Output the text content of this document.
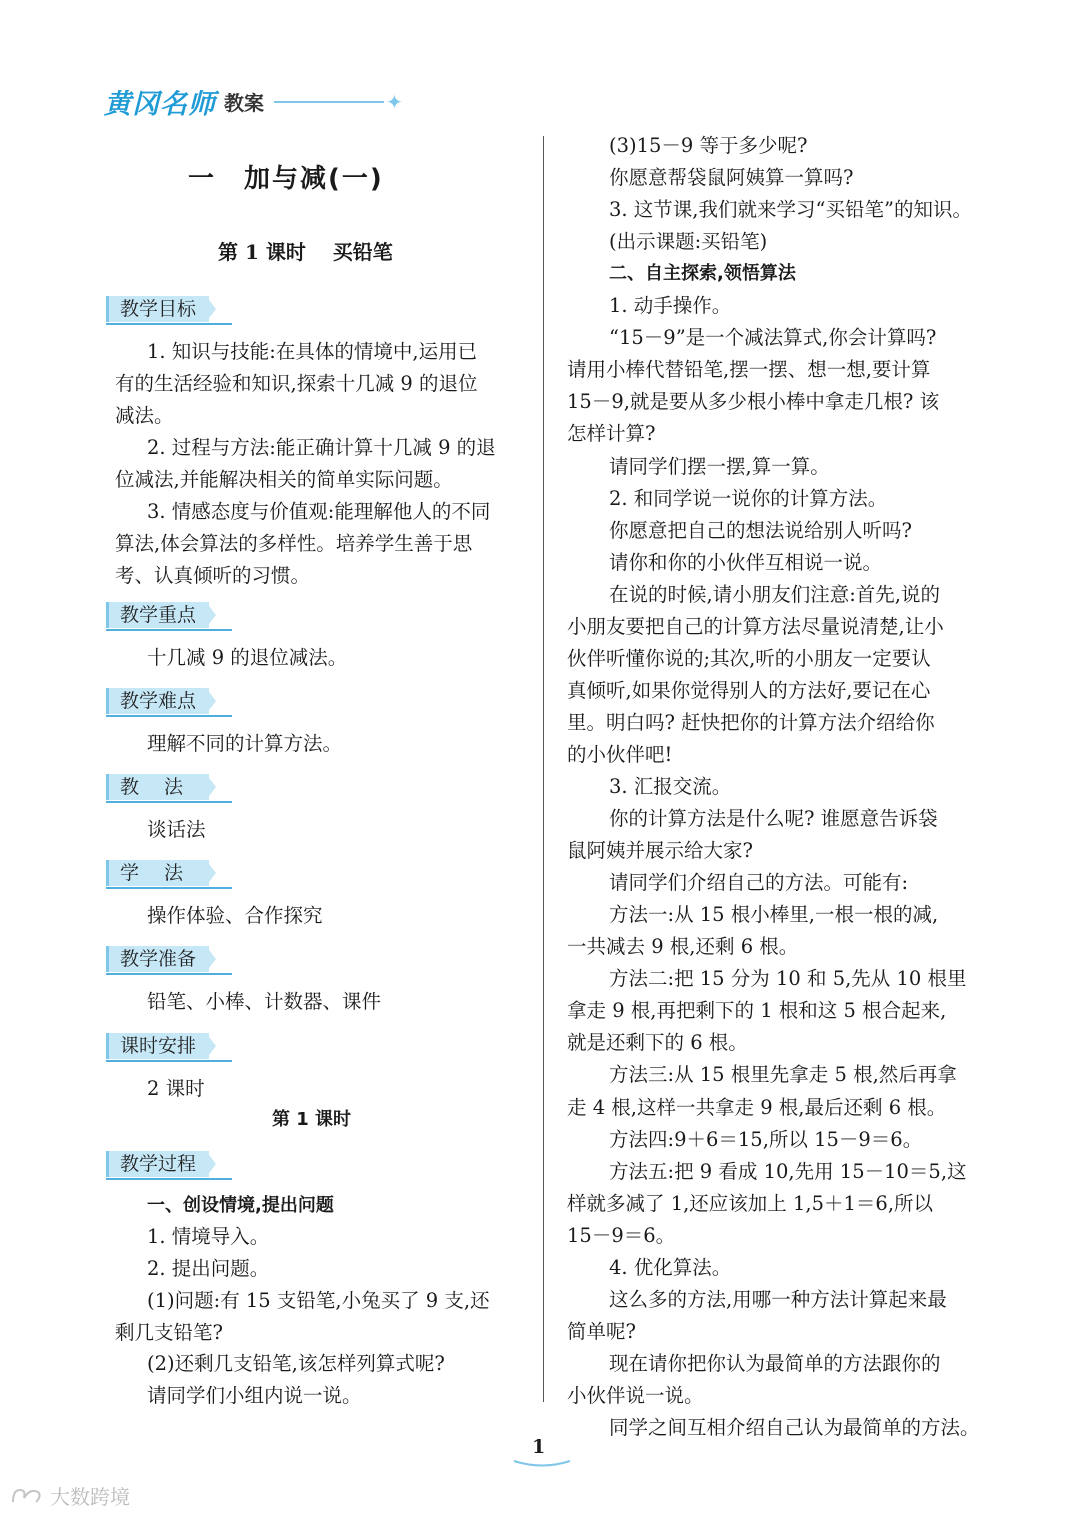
黄冈名师 教案	✦
一　加与减(一)
第 1 课时　 买铅笔
教学目标
1. 知识与技能:在具体的情境中,运用已
有的生活经验和知识,探索十几减 9 的退位
减法。
2. 过程与方法:能正确计算十几减 9 的退
位减法,并能解决相关的简单实际问题。
3. 情感态度与价值观:能理解他人的不同
算法,体会算法的多样性。培养学生善于思
考、认真倾听的习惯。
教学重点
十几减 9 的退位减法。
教学难点
理解不同的计算方法。
教　 法
谈话法
学　 法
操作体验、合作探究
教学准备
铅笔、小棒、计数器、课件
课时安排
2 课时
第 1 课时
教学过程
一、创设情境,提出问题
1. 情境导入。
2. 提出问题。
(1)问题:有 15 支铅笔,小兔买了 9 支,还
剩几支铅笔?
(2)还剩几支铅笔,该怎样列算式呢?
请同学们小组内说一说。
(3)15－9 等于多少呢?
你愿意帮袋鼠阿姨算一算吗?
3. 这节课,我们就来学习“买铅笔”的知识。
(出示课题:买铅笔)
二、自主探索,领悟算法
1. 动手操作。
“15－9”是一个减法算式,你会计算吗?
请用小棒代替铅笔,摆一摆、想一想,要计算
15－9,就是要从多少根小棒中拿走几根? 该
怎样计算?
请同学们摆一摆,算一算。
2. 和同学说一说你的计算方法。
你愿意把自己的想法说给别人听吗?
请你和你的小伙伴互相说一说。
在说的时候,请小朋友们注意:首先,说的
小朋友要把自己的计算方法尽量说清楚,让小
伙伴听懂你说的;其次,听的小朋友一定要认
真倾听,如果你觉得别人的方法好,要记在心
里。明白吗? 赶快把你的计算方法介绍给你
的小伙伴吧!
3. 汇报交流。
你的计算方法是什么呢? 谁愿意告诉袋
鼠阿姨并展示给大家?
请同学们介绍自己的方法。可能有:
方法一:从 15 根小棒里,一根一根的减,
一共减去 9 根,还剩 6 根。
方法二:把 15 分为 10 和 5,先从 10 根里
拿走 9 根,再把剩下的 1 根和这 5 根合起来,
就是还剩下的 6 根。
方法三:从 15 根里先拿走 5 根,然后再拿
走 4 根,这样一共拿走 9 根,最后还剩 6 根。
方法四:9＋6＝15,所以 15－9＝6。
方法五:把 9 看成 10,先用 15－10＝5,这
样就多减了 1,还应该加上 1,5＋1＝6,所以
15－9＝6。
4. 优化算法。
这么多的方法,用哪一种方法计算起来最
简单呢?
现在请你把你认为最简单的方法跟你的
小伙伴说一说。
同学之间互相介绍自己认为最简单的方法。
1
大数跨境
